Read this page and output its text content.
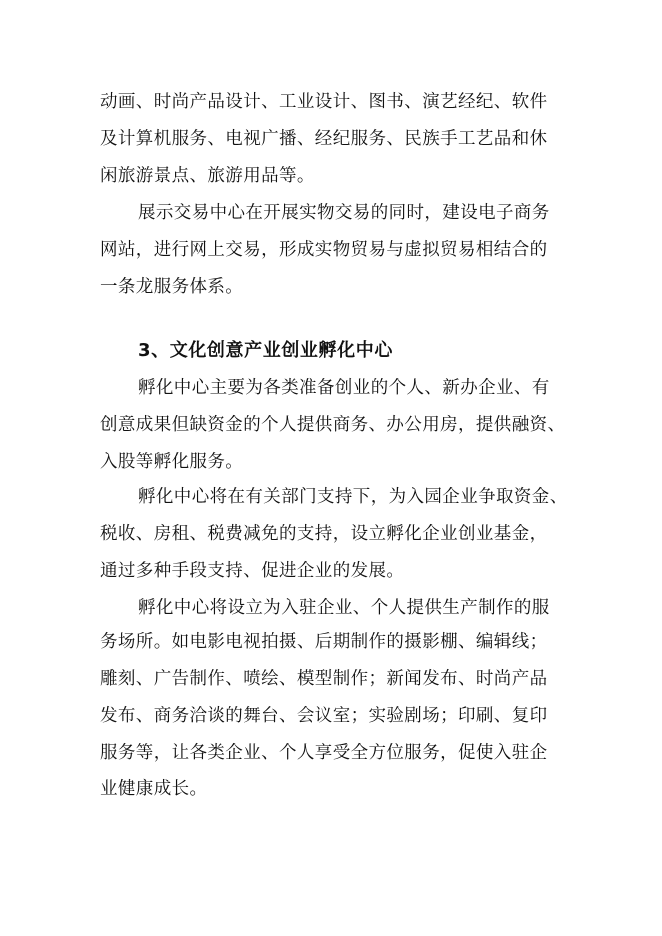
动画、时尚产品设计、工业设计、图书、演艺经纪、软件
及计算机服务、电视广播、经纪服务、民族手工艺品和休
闲旅游景点、旅游用品等。
展示交易中心在开展实物交易的同时，建设电子商务
网站，进行网上交易，形成实物贸易与虚拟贸易相结合的
一条龙服务体系。
3、文化创意产业创业孵化中心
孵化中心主要为各类准备创业的个人、新办企业、有
创意成果但缺资金的个人提供商务、办公用房，提供融资、
入股等孵化服务。
孵化中心将在有关部门支持下，为入园企业争取资金、
税收、房租、税费减免的支持，设立孵化企业创业基金，
通过多种手段支持、促进企业的发展。
孵化中心将设立为入驻企业、个人提供生产制作的服
务场所。如电影电视拍摄、后期制作的摄影棚、编辑线；
雕刻、广告制作、喷绘、模型制作；新闻发布、时尚产品
发布、商务洽谈的舞台、会议室；实验剧场；印刷、复印
服务等，让各类企业、个人享受全方位服务，促使入驻企
业健康成长。
